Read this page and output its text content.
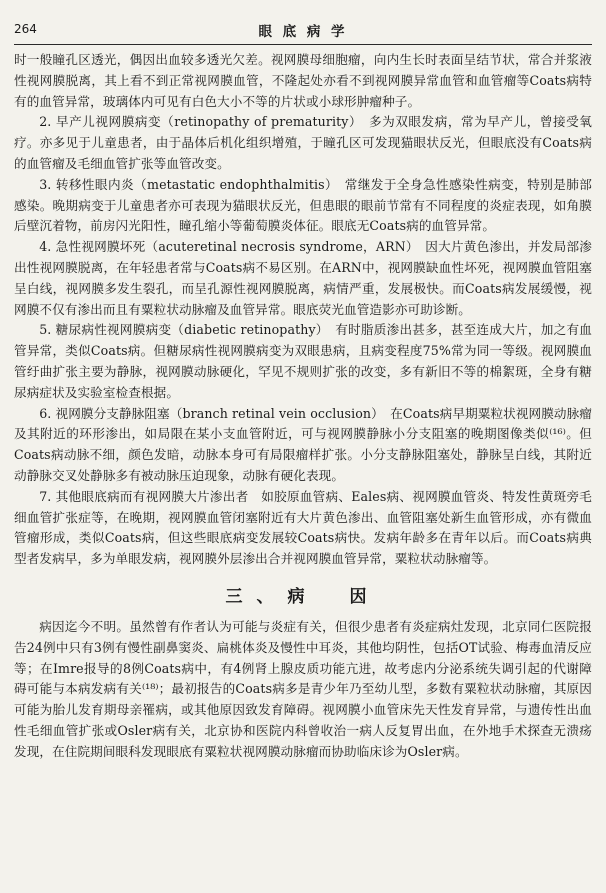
264	眼 底 病 学

时一般瞳孔区透光，偶因出血较多透光欠差。视网膜母细胞瘤，向内生长时表面呈结节状，常合并浆液性视网膜脱离，其上看不到正常视网膜血管，不隆起处亦看不到视网膜异常血管和血管瘤等Coats病特有的血管异常，玻璃体内可见有白色大小不等的片状或小球形肿瘤种子。

2. 早产儿视网膜病变（retinopathy of prematurity）　多为双眼发病，常为早产儿，曾接受氧疗。亦多见于儿童患者，由于晶体后机化组织增殖，于瞳孔区可发现猫眼状反光，但眼底没有Coats病的血管瘤及毛细血管扩张等血管改变。

3. 转移性眼内炎（metastatic endophthalmitis）　常继发于全身急性感染性病变，特别是肺部感染。晚期病变于儿童患者亦可表现为猫眼状反光，但患眼的眼前节常有不同程度的炎症表现，如角膜后壁沉着物，前房闪光阳性，瞳孔缩小等葡萄膜炎体征。眼底无Coats病的血管异常。

4. 急性视网膜坏死（acuteretinal necrosis syndrome，ARN）　因大片黄色渗出，并发局部渗出性视网膜脱离，在年轻患者常与Coats病不易区别。在ARN中，视网膜缺血性坏死，视网膜血管阻塞呈白线，视网膜多发生裂孔，而呈孔源性视网膜脱离，病情严重，发展极快。而Coats病发展缓慢，视网膜不仅有渗出而且有粟粒状动脉瘤及血管异常。眼底荧光血管造影亦可助诊断。

5. 糖尿病性视网膜病变（diabetic retinopathy）　有时脂质渗出甚多，甚至连成大片，加之有血管异常，类似Coats病。但糖尿病性视网膜病变为双眼患病，且病变程度75%常为同一等级。视网膜血管纡曲扩张主要为静脉，视网膜动脉硬化，罕见不规则扩张的改变，多有新旧不等的棉絮斑，全身有糖尿病症状及实验室检查根据。

6. 视网膜分支静脉阻塞（branch retinal vein occlusion）　在Coats病早期粟粒状视网膜动脉瘤及其附近的环形渗出，如局限在某小支血管附近，可与视网膜静脉小分支阻塞的晚期图像类似⁽¹⁶⁾。但Coats病动脉不细，颜色发暗，动脉本身可有局限瘤样扩张。小分支静脉阻塞处，静脉呈白线，其附近动静脉交叉处静脉多有被动脉压迫现象，动脉有硬化表现。

7. 其他眼底病而有视网膜大片渗出者　如胶原血管病、Eales病、视网膜血管炎、特发性黄斑旁毛细血管扩张症等，在晚期，视网膜血管闭塞附近有大片黄色渗出、血管阻塞处新生血管形成，亦有微血管瘤形成，类似Coats病，但这些眼底病变发展较Coats病快。发病年龄多在青年以后。而Coats病典型者发病早，多为单眼发病，视网膜外层渗出合并视网膜血管异常，粟粒状动脉瘤等。

三、病　因

病因迄今不明。虽然曾有作者认为可能与炎症有关，但很少患者有炎症病灶发现，北京同仁医院报告24例中只有3例有慢性副鼻窦炎、扁桃体炎及慢性中耳炎，其他均阴性，包括OT试验、梅毒血清反应等；在Imre报导的8例Coats病中，有4例肾上腺皮质功能亢进，故考虑内分泌系统失调引起的代谢障碍可能与本病发病有关⁽¹⁸⁾；最初报告的Coats病多是青少年乃至幼儿型，多数有粟粒状动脉瘤，其原因可能为胎儿发育期母亲罹病，或其他原因致发育障碍。视网膜小血管床先天性发育异常，与遗传性出血性毛细血管扩张或Osler病有关，北京协和医院内科曾收治一病人反复胃出血，在外地手术探查无溃疡发现，在住院期间眼科发现眼底有粟粒状视网膜动脉瘤而协助临床诊为Osler病。
